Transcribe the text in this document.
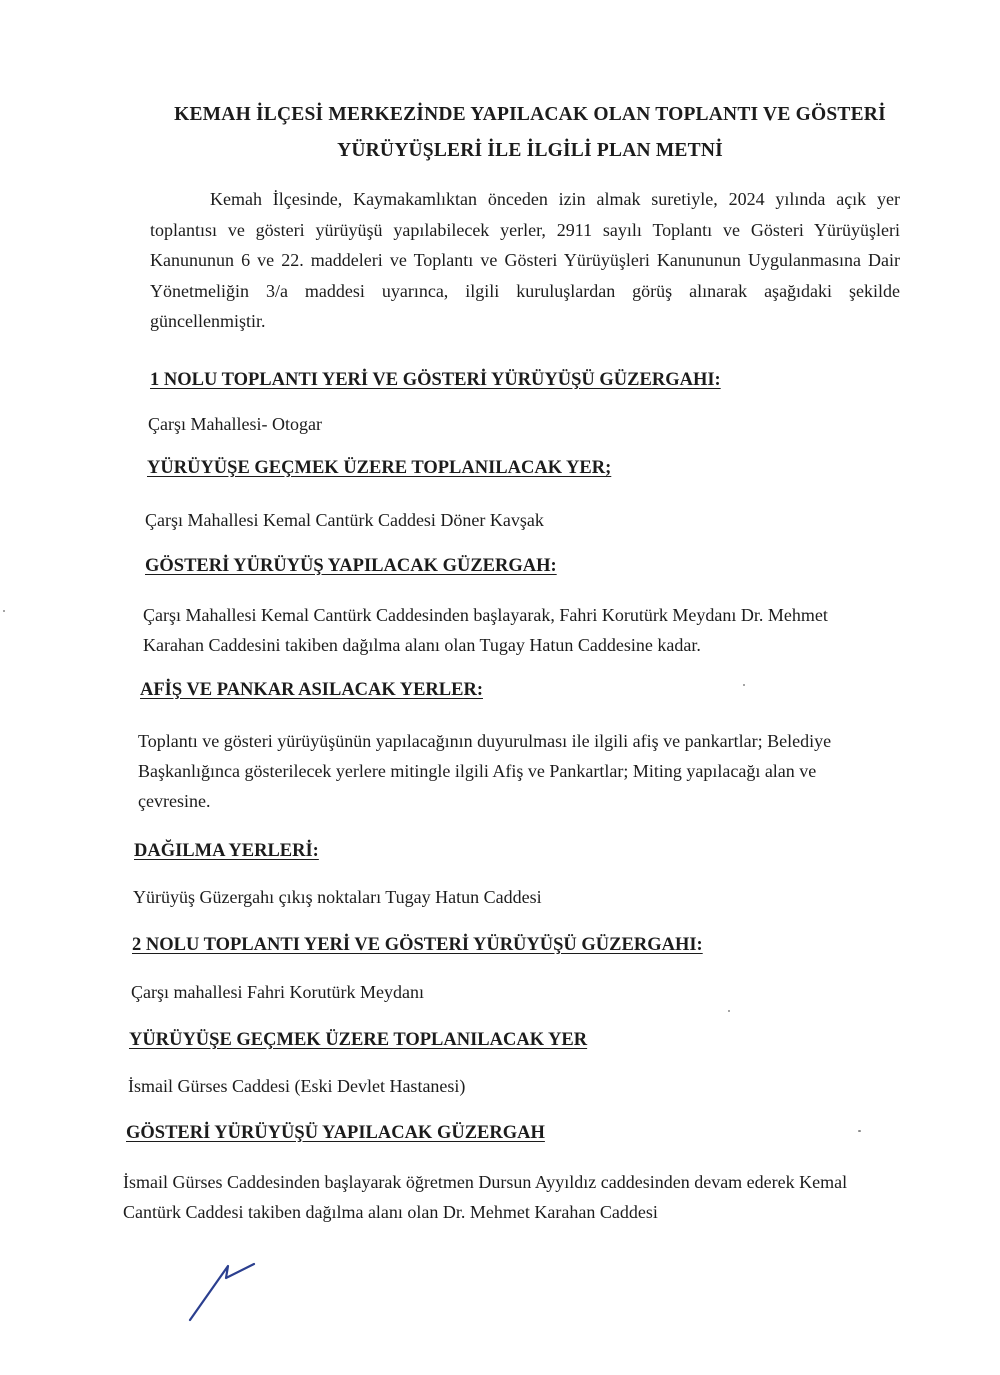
KEMAH İLÇESİ MERKEZİNDE YAPILACAK OLAN TOPLANTI VE GÖSTERİ
YÜRÜYÜŞLERİ İLE İLGİLİ PLAN METNİ
Kemah İlçesinde, Kaymakamlıktan önceden izin almak suretiyle, 2024 yılında açık yer toplantısı ve gösteri yürüyüşü yapılabilecek yerler, 2911 sayılı Toplantı ve Gösteri Yürüyüşleri Kanununun 6 ve 22. maddeleri ve Toplantı ve Gösteri Yürüyüşleri Kanununun Uygulanmasına Dair Yönetmeliğin 3/a maddesi uyarınca, ilgili kuruluşlardan görüş alınarak aşağıdaki şekilde güncellenmiştir.
1 NOLU TOPLANTI YERİ VE GÖSTERİ YÜRÜYÜŞÜ GÜZERGAHI:
Çarşı Mahallesi- Otogar
YÜRÜYÜŞE GEÇMEK ÜZERE TOPLANILACAK YER;
Çarşı Mahallesi Kemal Cantürk Caddesi Döner Kavşak
GÖSTERİ YÜRÜYÜŞ YAPILACAK GÜZERGAH:
Çarşı Mahallesi Kemal Cantürk Caddesinden başlayarak, Fahri Korutürk Meydanı Dr. Mehmet Karahan Caddesini takiben dağılma alanı olan Tugay Hatun Caddesine kadar.
AFİŞ VE PANKAR ASILACAK YERLER:
Toplantı ve gösteri yürüyüşünün yapılacağının duyurulması ile ilgili afiş ve pankartlar; Belediye Başkanlığınca gösterilecek yerlere mitingle ilgili Afiş ve Pankartlar; Miting yapılacağı alan ve çevresine.
DAĞILMA YERLERİ:
Yürüyüş Güzergahı çıkış noktaları Tugay Hatun Caddesi
2 NOLU TOPLANTI YERİ VE GÖSTERİ YÜRÜYÜŞÜ GÜZERGAHI:
Çarşı mahallesi Fahri Korutürk Meydanı
YÜRÜYÜŞE GEÇMEK ÜZERE TOPLANILACAK YER
İsmail Gürses Caddesi (Eski Devlet Hastanesi)
GÖSTERİ YÜRÜYÜŞÜ YAPILACAK GÜZERGAH
İsmail Gürses Caddesinden başlayarak öğretmen Dursun Ayyıldız caddesinden devam ederek Kemal Cantürk Caddesi takiben dağılma alanı olan Dr. Mehmet Karahan Caddesi
